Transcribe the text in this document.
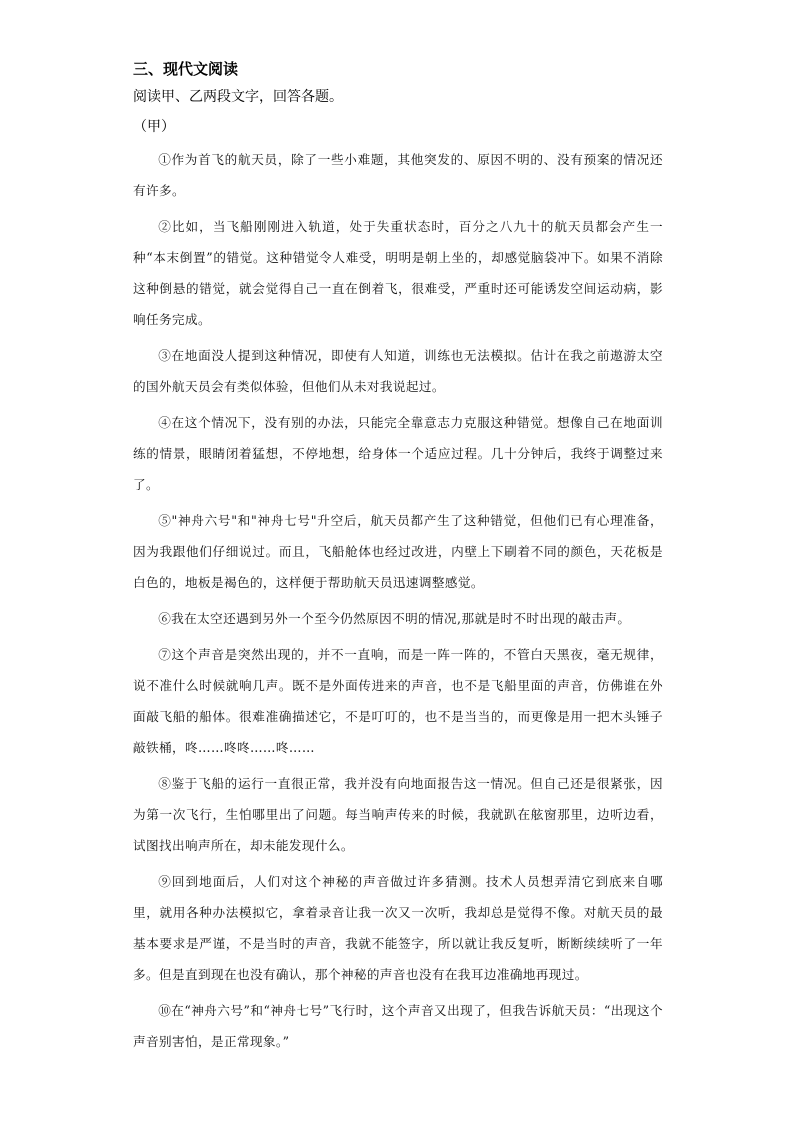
三、现代文阅读

阅读甲、乙两段文字，回答各题。

（甲）

①作为首飞的航天员，除了一些小难题，其他突发的、原因不明的、没有预案的情况还有许多。

②比如，当飞船刚刚进入轨道，处于失重状态时，百分之八九十的航天员都会产生一种“本末倒置”的错觉。这种错觉令人难受，明明是朝上坐的，却感觉脑袋冲下。如果不消除这种倒悬的错觉，就会觉得自己一直在倒着飞，很难受，严重时还可能诱发空间运动病，影响任务完成。

③在地面没人提到这种情况，即使有人知道，训练也无法模拟。估计在我之前遨游太空的国外航天员会有类似体验，但他们从未对我说起过。

④在这个情况下，没有别的办法，只能完全靠意志力克服这种错觉。想像自己在地面训练的情景，眼睛闭着猛想，不停地想，给身体一个适应过程。几十分钟后，我终于调整过来了。

⑤"神舟六号"和"神舟七号"升空后，航天员都产生了这种错觉，但他们已有心理准备，因为我跟他们仔细说过。而且，飞船舱体也经过改进，内壁上下刷着不同的颜色，天花板是白色的，地板是褐色的，这样便于帮助航天员迅速调整感觉。

⑥我在太空还遇到另外一个至今仍然原因不明的情况,那就是时不时出现的敲击声。

⑦这个声音是突然出现的，并不一直响，而是一阵一阵的，不管白天黑夜，毫无规律，说不准什么时候就响几声。既不是外面传进来的声音，也不是飞船里面的声音，仿佛谁在外面敲飞船的船体。很难准确描述它，不是叮叮的，也不是当当的，而更像是用一把木头锤子敲铁桶，咚……咚咚……咚……

⑧鉴于飞船的运行一直很正常，我并没有向地面报告这一情况。但自己还是很紧张，因为第一次飞行，生怕哪里出了问题。每当响声传来的时候，我就趴在舷窗那里，边听边看，试图找出响声所在，却未能发现什么。

⑨回到地面后，人们对这个神秘的声音做过许多猜测。技术人员想弄清它到底来自哪里，就用各种办法模拟它，拿着录音让我一次又一次听，我却总是觉得不像。对航天员的最基本要求是严谨，不是当时的声音，我就不能签字，所以就让我反复听，断断续续听了一年多。但是直到现在也没有确认，那个神秘的声音也没有在我耳边准确地再现过。

⑩在“神舟六号”和“神舟七号”飞行时，这个声音又出现了，但我告诉航天员：“出现这个声音别害怕，是正常现象。”
